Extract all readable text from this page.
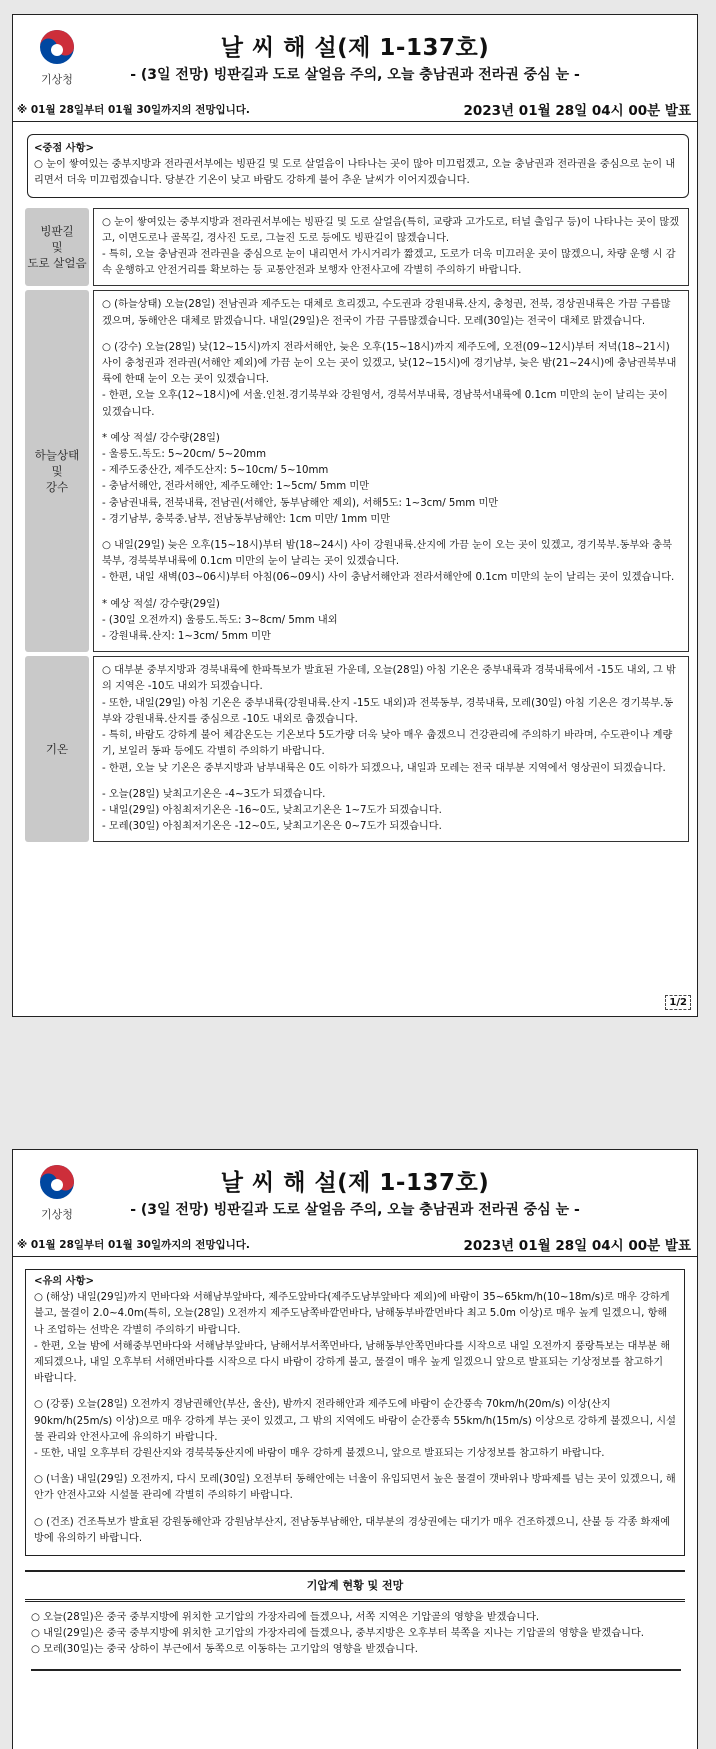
기상청
날 씨 해 설(제 1-137호)
- (3일 전망) 빙판길과 도로 살얼음 주의, 오늘 충남권과 전라권 중심 눈 -
※ 01월 28일부터 01월 30일까지의 전망입니다.	2023년 01월 28일 04시 00분 발표
<중점 사항>
○ 눈이 쌓여있는 중부지방과 전라권서부에는 빙판길 및 도로 살얼음이 나타나는 곳이 많아 미끄럽겠고, 오늘 충남권과 전라권을 중심으로 눈이 내리면서 더욱 미끄럽겠습니다. 당분간 기온이 낮고 바람도 강하게 불어 추운 날씨가 이어지겠습니다.
빙판길
및
도로 살얼음
○ 눈이 쌓여있는 중부지방과 전라권서부에는 빙판길 및 도로 살얼음(특히, 교량과 고가도로, 터널 출입구 등)이 나타나는 곳이 많겠고, 이면도로나 골목길, 경사진 도로, 그늘진 도로 등에도 빙판길이 많겠습니다.
- 특히, 오늘 충남권과 전라권을 중심으로 눈이 내리면서 가시거리가 짧겠고, 도로가 더욱 미끄러운 곳이 많겠으니, 차량 운행 시 감속 운행하고 안전거리를 확보하는 등 교통안전과 보행자 안전사고에 각별히 주의하기 바랍니다.
하늘상태
및
강수
○ (하늘상태) 오늘(28일) 전남권과 제주도는 대체로 흐리겠고, 수도권과 강원내륙.산지, 충청권, 전북, 경상권내륙은 가끔 구름많겠으며, 동해안은 대체로 맑겠습니다. 내일(29일)은 전국이 가끔 구름많겠습니다. 모레(30일)는 전국이 대체로 맑겠습니다.
○ (강수) 오늘(28일) 낮(12~15시)까지 전라서해안, 늦은 오후(15~18시)까지 제주도에, 오전(09~12시)부터 저녁(18~21시) 사이 충청권과 전라권(서해안 제외)에 가끔 눈이 오는 곳이 있겠고, 낮(12~15시)에 경기남부, 늦은 밤(21~24시)에 충남권북부내륙에 한때 눈이 오는 곳이 있겠습니다.
- 한편, 오늘 오후(12~18시)에 서울.인천.경기북부와 강원영서, 경북서부내륙, 경남북서내륙에 0.1cm 미만의 눈이 날리는 곳이 있겠습니다.
* 예상 적설/ 강수량(28일)
- 울릉도.독도: 5~20cm/ 5~20mm
- 제주도중산간, 제주도산지: 5~10cm/ 5~10mm
- 충남서해안, 전라서해안, 제주도해안: 1~5cm/ 5mm 미만
- 충남권내륙, 전북내륙, 전남권(서해안, 동부남해안 제외), 서해5도: 1~3cm/ 5mm 미만
- 경기남부, 충북중.남부, 전남동부남해안: 1cm 미만/ 1mm 미만
○ 내일(29일) 늦은 오후(15~18시)부터 밤(18~24시) 사이 강원내륙.산지에 가끔 눈이 오는 곳이 있겠고, 경기북부.동부와 충북북부, 경북북부내륙에 0.1cm 미만의 눈이 날리는 곳이 있겠습니다.
- 한편, 내일 새벽(03~06시)부터 아침(06~09시) 사이 충남서해안과 전라서해안에 0.1cm 미만의 눈이 날리는 곳이 있겠습니다.
* 예상 적설/ 강수량(29일)
- (30일 오전까지) 울릉도.독도: 3~8cm/ 5mm 내외
- 강원내륙.산지: 1~3cm/ 5mm 미만
기온
○ 대부분 중부지방과 경북내륙에 한파특보가 발효된 가운데, 오늘(28일) 아침 기온은 중부내륙과 경북내륙에서 -15도 내외, 그 밖의 지역은 -10도 내외가 되겠습니다.
- 또한, 내일(29일) 아침 기온은 중부내륙(강원내륙.산지 -15도 내외)과 전북동부, 경북내륙, 모레(30일) 아침 기온은 경기북부.동부와 강원내륙.산지를 중심으로 -10도 내외로 춥겠습니다.
- 특히, 바람도 강하게 불어 체감온도는 기온보다 5도가량 더욱 낮아 매우 춥겠으니 건강관리에 주의하기 바라며, 수도관이나 계량기, 보일러 동파 등에도 각별히 주의하기 바랍니다.
- 한편, 오늘 낮 기온은 중부지방과 남부내륙은 0도 이하가 되겠으나, 내일과 모레는 전국 대부분 지역에서 영상권이 되겠습니다.
- 오늘(28일) 낮최고기온은 -4~3도가 되겠습니다.
- 내일(29일) 아침최저기온은 -16~0도, 낮최고기온은 1~7도가 되겠습니다.
- 모레(30일) 아침최저기온은 -12~0도, 낮최고기온은 0~7도가 되겠습니다.
1/2
기상청
날 씨 해 설(제 1-137호)
- (3일 전망) 빙판길과 도로 살얼음 주의, 오늘 충남권과 전라권 중심 눈 -
※ 01월 28일부터 01월 30일까지의 전망입니다.	2023년 01월 28일 04시 00분 발표
<유의 사항>
○ (해상) 내일(29일)까지 먼바다와 서해남부앞바다, 제주도앞바다(제주도남부앞바다 제외)에 바람이 35~65km/h(10~18m/s)로 매우 강하게 불고, 물결이 2.0~4.0m(특히, 오늘(28일) 오전까지 제주도남쪽바깥먼바다, 남해동부바깥먼바다 최고 5.0m 이상)로 매우 높게 일겠으니, 항해나 조업하는 선박은 각별히 주의하기 바랍니다.
- 한편, 오늘 밤에 서해중부먼바다와 서해남부앞바다, 남해서부서쪽먼바다, 남해동부안쪽먼바다를 시작으로 내일 오전까지 풍랑특보는 대부분 해제되겠으나, 내일 오후부터 서해먼바다를 시작으로 다시 바람이 강하게 불고, 물결이 매우 높게 일겠으니 앞으로 발표되는 기상정보를 참고하기 바랍니다.
○ (강풍) 오늘(28일) 오전까지 경남권해안(부산, 울산), 밤까지 전라해안과 제주도에 바람이 순간풍속 70km/h(20m/s) 이상(산지 90km/h(25m/s) 이상)으로 매우 강하게 부는 곳이 있겠고, 그 밖의 지역에도 바람이 순간풍속 55km/h(15m/s) 이상으로 강하게 불겠으니, 시설물 관리와 안전사고에 유의하기 바랍니다.
- 또한, 내일 오후부터 강원산지와 경북북동산지에 바람이 매우 강하게 불겠으니, 앞으로 발표되는 기상정보를 참고하기 바랍니다.
○ (너울) 내일(29일) 오전까지, 다시 모레(30일) 오전부터 동해안에는 너울이 유입되면서 높은 물결이 갯바위나 방파제를 넘는 곳이 있겠으니, 해안가 안전사고와 시설물 관리에 각별히 주의하기 바랍니다.
○ (건조) 건조특보가 발효된 강원동해안과 강원남부산지, 전남동부남해안, 대부분의 경상권에는 대기가 매우 건조하겠으니, 산불 등 각종 화재예방에 유의하기 바랍니다.
기압계 현황 및 전망
○ 오늘(28일)은 중국 중부지방에 위치한 고기압의 가장자리에 들겠으나, 서쪽 지역은 기압골의 영향을 받겠습니다.
○ 내일(29일)은 중국 중부지방에 위치한 고기압의 가장자리에 들겠으나, 중부지방은 오후부터 북쪽을 지나는 기압골의 영향을 받겠습니다.
○ 모레(30일)는 중국 상하이 부근에서 동쪽으로 이동하는 고기압의 영향을 받겠습니다.
